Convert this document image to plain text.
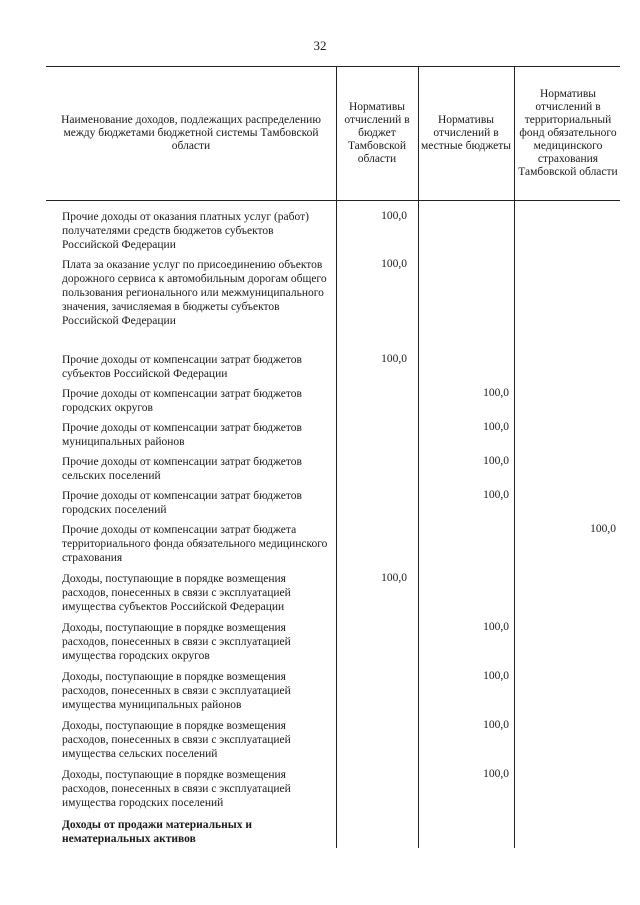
32
Наименование доходов, подлежащих распределению между бюджетами бюджетной системы Тамбовской области
Нормативы отчислений в бюджет Тамбовской области
Нормативы отчислений в местные бюджеты
Нормативы отчислений в территориальный фонд обязательного медицинского страхования Тамбовской области
Прочие доходы от оказания платных услуг (работ) получателями средств бюджетов субъектов Российской Федерации
100,0
Плата за оказание услуг по присоединению объектов дорожного сервиса к автомобильным дорогам общего пользования регионального или межмуниципального значения, зачисляемая в бюджеты субъектов Российской Федерации
100,0
Прочие доходы от компенсации затрат бюджетов субъектов Российской Федерации
100,0
Прочие доходы от компенсации затрат бюджетов городских округов
100,0
Прочие доходы от компенсации затрат бюджетов муниципальных районов
100,0
Прочие доходы от компенсации затрат бюджетов сельских поселений
100,0
Прочие доходы от компенсации затрат бюджетов городских поселений
100,0
Прочие доходы от компенсации затрат бюджета территориального фонда обязательного медицинского страхования
100,0
Доходы, поступающие в порядке возмещения расходов, понесенных в связи с эксплуатацией имущества субъектов Российской Федерации
100,0
Доходы, поступающие в порядке возмещения расходов, понесенных в связи с эксплуатацией имущества городских округов
100,0
Доходы, поступающие в порядке возмещения расходов, понесенных в связи с эксплуатацией имущества муниципальных районов
100,0
Доходы, поступающие в порядке возмещения расходов, понесенных в связи с эксплуатацией имущества сельских поселений
100,0
Доходы, поступающие в порядке возмещения расходов, понесенных в связи с эксплуатацией имущества городских поселений
100,0
Доходы от продажи материальных и нематериальных активов
